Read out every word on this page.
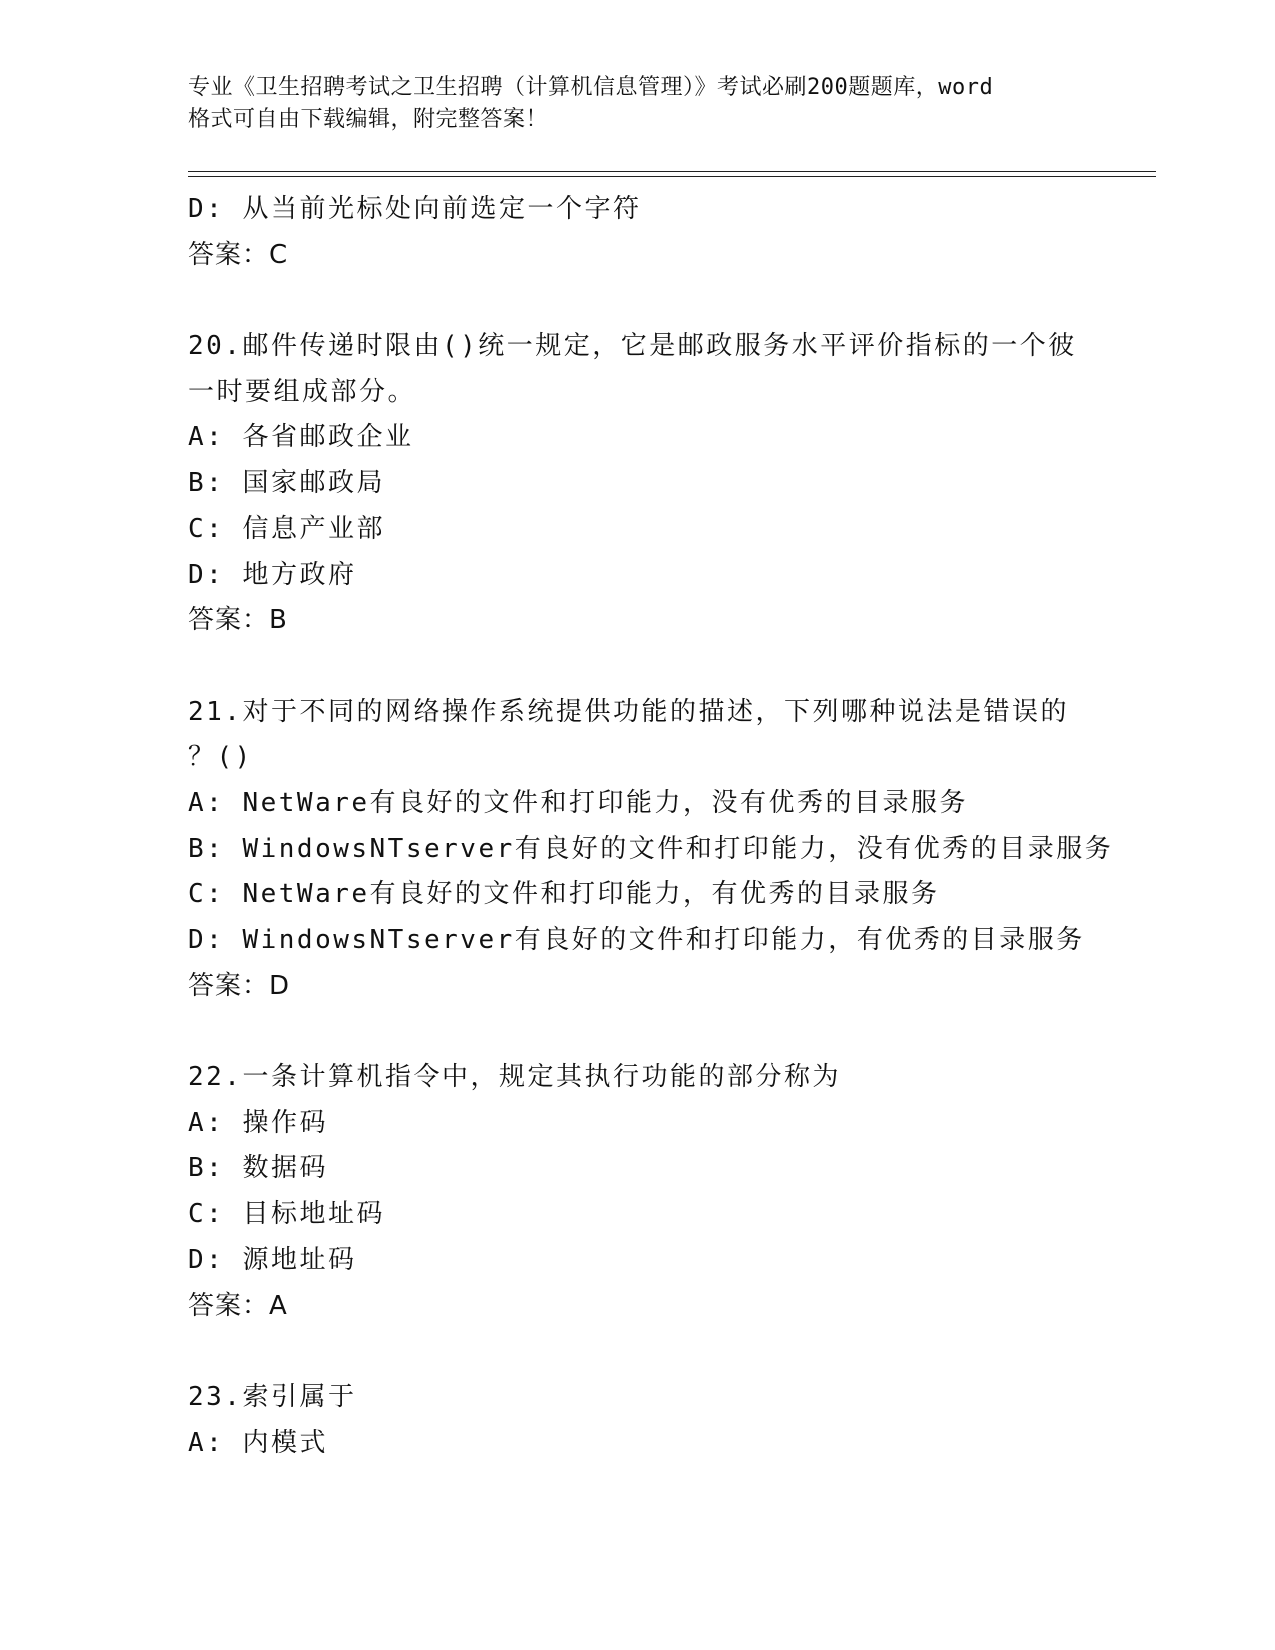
专业《卫生招聘考试之卫生招聘（计算机信息管理）》考试必刷200题题库，word
格式可自由下载编辑，附完整答案！
D: 从当前光标处向前选定一个字符
答案：C
20.邮件传递时限由()统一规定，它是邮政服务水平评价指标的一个彼
一时要组成部分。
A: 各省邮政企业
B: 国家邮政局
C: 信息产业部
D: 地方政府
答案：B
21.对于不同的网络操作系统提供功能的描述，下列哪种说法是错误的
？()
A: NetWare有良好的文件和打印能力，没有优秀的目录服务
B: WindowsNTserver有良好的文件和打印能力，没有优秀的目录服务
C: NetWare有良好的文件和打印能力，有优秀的目录服务
D: WindowsNTserver有良好的文件和打印能力，有优秀的目录服务
答案：D
22.一条计算机指令中，规定其执行功能的部分称为
A: 操作码
B: 数据码
C: 目标地址码
D: 源地址码
答案：A
23.索引属于
A: 内模式
